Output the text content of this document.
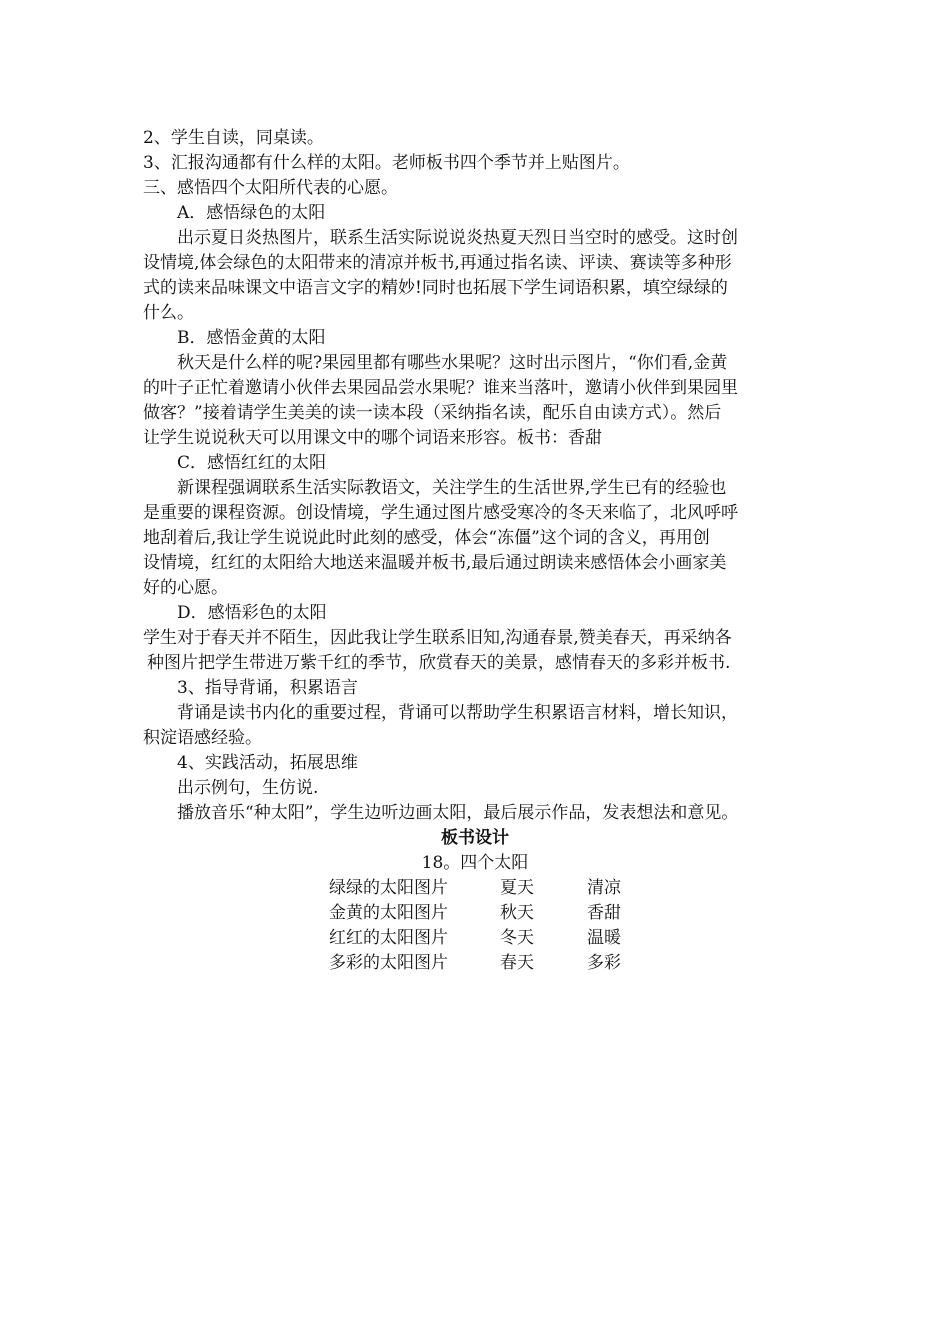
2、学生自读，同桌读。
3、汇报沟通都有什么样的太阳。老师板书四个季节并上贴图片。
三、感悟四个太阳所代表的心愿。
A．感悟绿色的太阳
出示夏日炎热图片，联系生活实际说说炎热夏天烈日当空时的感受。这时创
设情境,体会绿色的太阳带来的清凉并板书,再通过指名读、评读、赛读等多种形
式的读来品味课文中语言文字的精妙!同时也拓展下学生词语积累，填空绿绿的
什么。
B．感悟金黄的太阳
秋天是什么样的呢?果园里都有哪些水果呢？这时出示图片，“你们看,金黄
的叶子正忙着邀请小伙伴去果园品尝水果呢？谁来当落叶，邀请小伙伴到果园里
做客？”接着请学生美美的读一读本段（采纳指名读，配乐自由读方式）。然后
让学生说说秋天可以用课文中的哪个词语来形容。板书：香甜
C．感悟红红的太阳
新课程强调联系生活实际教语文，关注学生的生活世界,学生已有的经验也
是重要的课程资源。创设情境，学生通过图片感受寒冷的冬天来临了，北风呼呼
地刮着后,我让学生说说此时此刻的感受，体会“冻僵”这个词的含义，再用创
设情境，红红的太阳给大地送来温暖并板书,最后通过朗读来感悟体会小画家美
好的心愿。
D．感悟彩色的太阳
学生对于春天并不陌生，因此我让学生联系旧知,沟通春景,赞美春天，再采纳各
种图片把学生带进万紫千红的季节，欣赏春天的美景，感情春天的多彩并板书.
3、指导背诵，积累语言
背诵是读书内化的重要过程，背诵可以帮助学生积累语言材料，增长知识，
积淀语感经验。
4、实践活动，拓展思维
出示例句，生仿说.
播放音乐“种太阳”，学生边听边画太阳，最后展示作品，发表想法和意见。
板书设计
18。四个太阳
绿绿的太阳图片	夏天	清凉
金黄的太阳图片	秋天	香甜
红红的太阳图片	冬天	温暖
多彩的太阳图片	春天	多彩
